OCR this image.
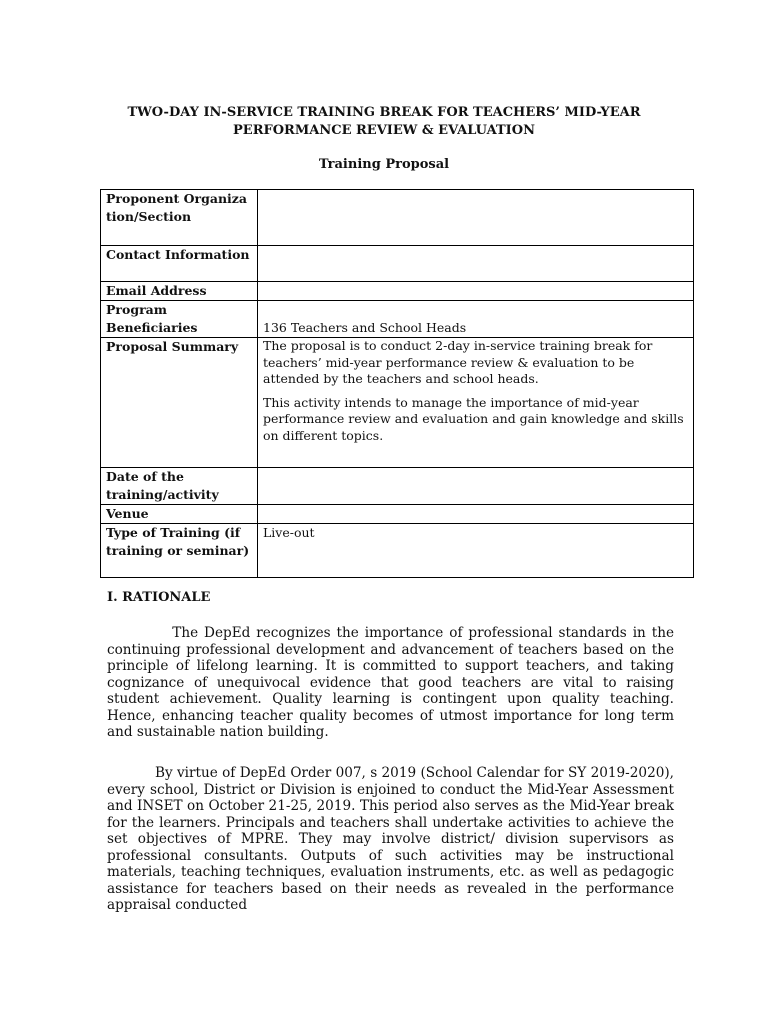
TWO-DAY IN-SERVICE TRAINING BREAK FOR TEACHERS’ MID-YEAR
PERFORMANCE REVIEW & EVALUATION
Training Proposal
Proponent Organization/Section	
Contact Information	
Email Address	
Program Beneficiaries	136 Teachers and School Heads
Proposal Summary	The proposal is to conduct 2-day in-service training break for teachers’ mid-year performance review & evaluation to be attended by the teachers and school heads.

This activity intends to manage the importance of mid-year performance review and evaluation and gain knowledge and skills on different topics.

Date of the training/activity	
Venue	
Type of Training (if training or seminar)	Live-out
I. RATIONALE

The DepEd recognizes the importance of professional standards in the continuing professional development and advancement of teachers based on the principle of lifelong learning. It is committed to support teachers, and taking cognizance of unequivocal evidence that good teachers are vital to raising student achievement. Quality learning is contingent upon quality teaching. Hence, enhancing teacher quality becomes of utmost importance for long term and sustainable nation building.

By virtue of DepEd Order 007, s 2019 (School Calendar for SY 2019-2020), every school, District or Division is enjoined to conduct the Mid-Year Assessment and INSET on October 21-25, 2019. This period also serves as the Mid-Year break for the learners. Principals and teachers shall undertake activities to achieve the set objectives of MPRE. They may involve district/ division supervisors as professional consultants. Outputs of such activities may be instructional materials, teaching techniques, evaluation instruments, etc. as well as pedagogic assistance for teachers based on their needs as revealed in the performance appraisal conducted
